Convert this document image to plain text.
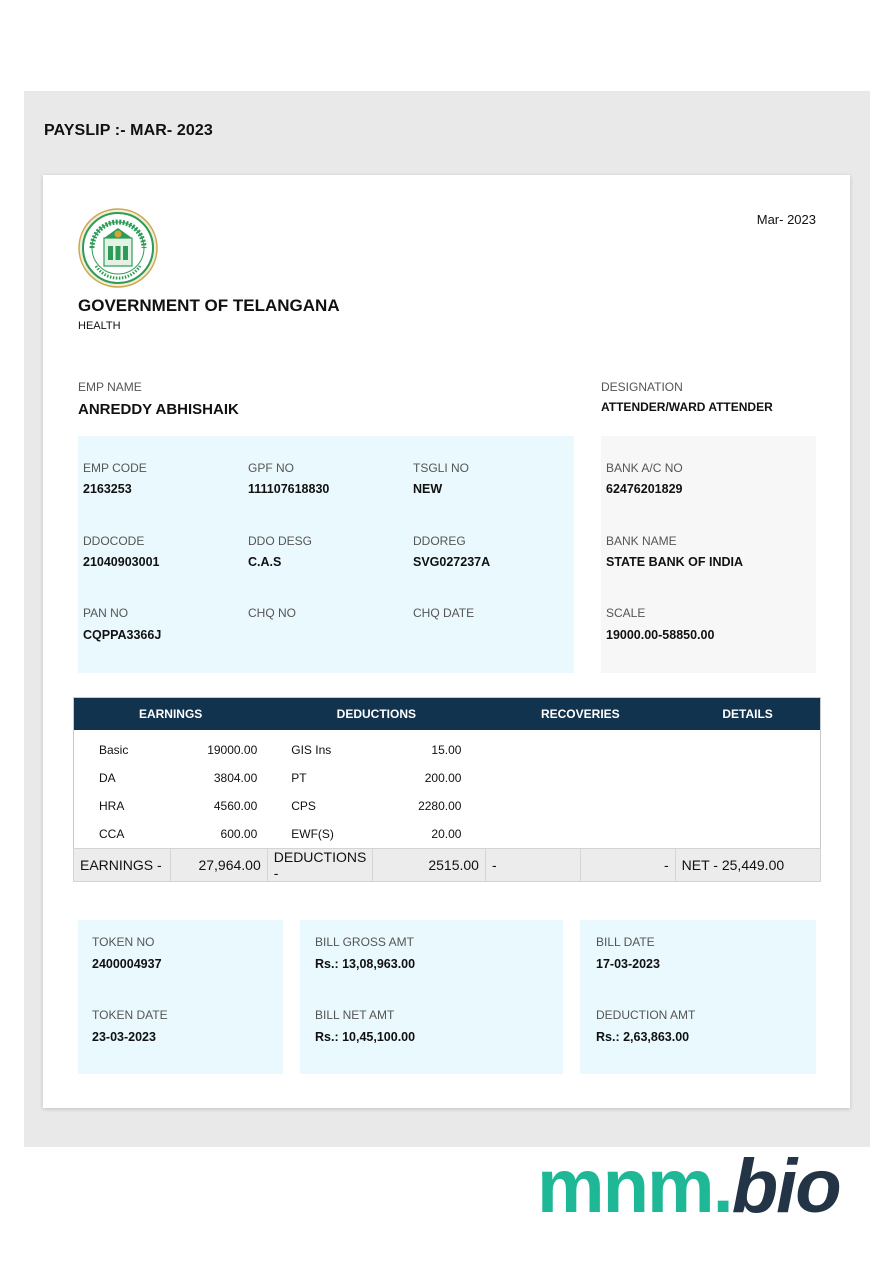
PAYSLIP :- MAR- 2023
GOVERNMENT OF TELANGANA
HEALTH
Mar- 2023
EMP NAME
ANREDDY ABHISHAIK
DESIGNATION
ATTENDER/WARD ATTENDER
EMP CODE
2163253
GPF NO
111107618830
TSGLI NO
NEW
DDOCODE
21040903001
DDO DESG
C.A.S
DDOREG
SVG027237A
PAN NO
CQPPA3366J
CHQ NO	CHQ DATE
BANK A/C NO
62476201829
BANK NAME
STATE BANK OF INDIA
SCALE
19000.00-58850.00
EARNINGS		DEDUCTIONS		RECOVERIES		DETAILS
Basic	19000.00	GIS Ins	15.00			
DA	3804.00	PT	200.00			
HRA	4560.00	CPS	2280.00			
CCA	600.00	EWF(S)	20.00			
EARNINGS -	27,964.00	DEDUCTIONS -	2515.00	-	-	NET - 25,449.00
TOKEN NO
2400004937
TOKEN DATE
23-03-2023
BILL GROSS AMT
Rs.: 13,08,963.00
BILL NET AMT
Rs.: 10,45,100.00
BILL DATE
17-03-2023
DEDUCTION AMT
Rs.: 2,63,863.00
mnm.bio
